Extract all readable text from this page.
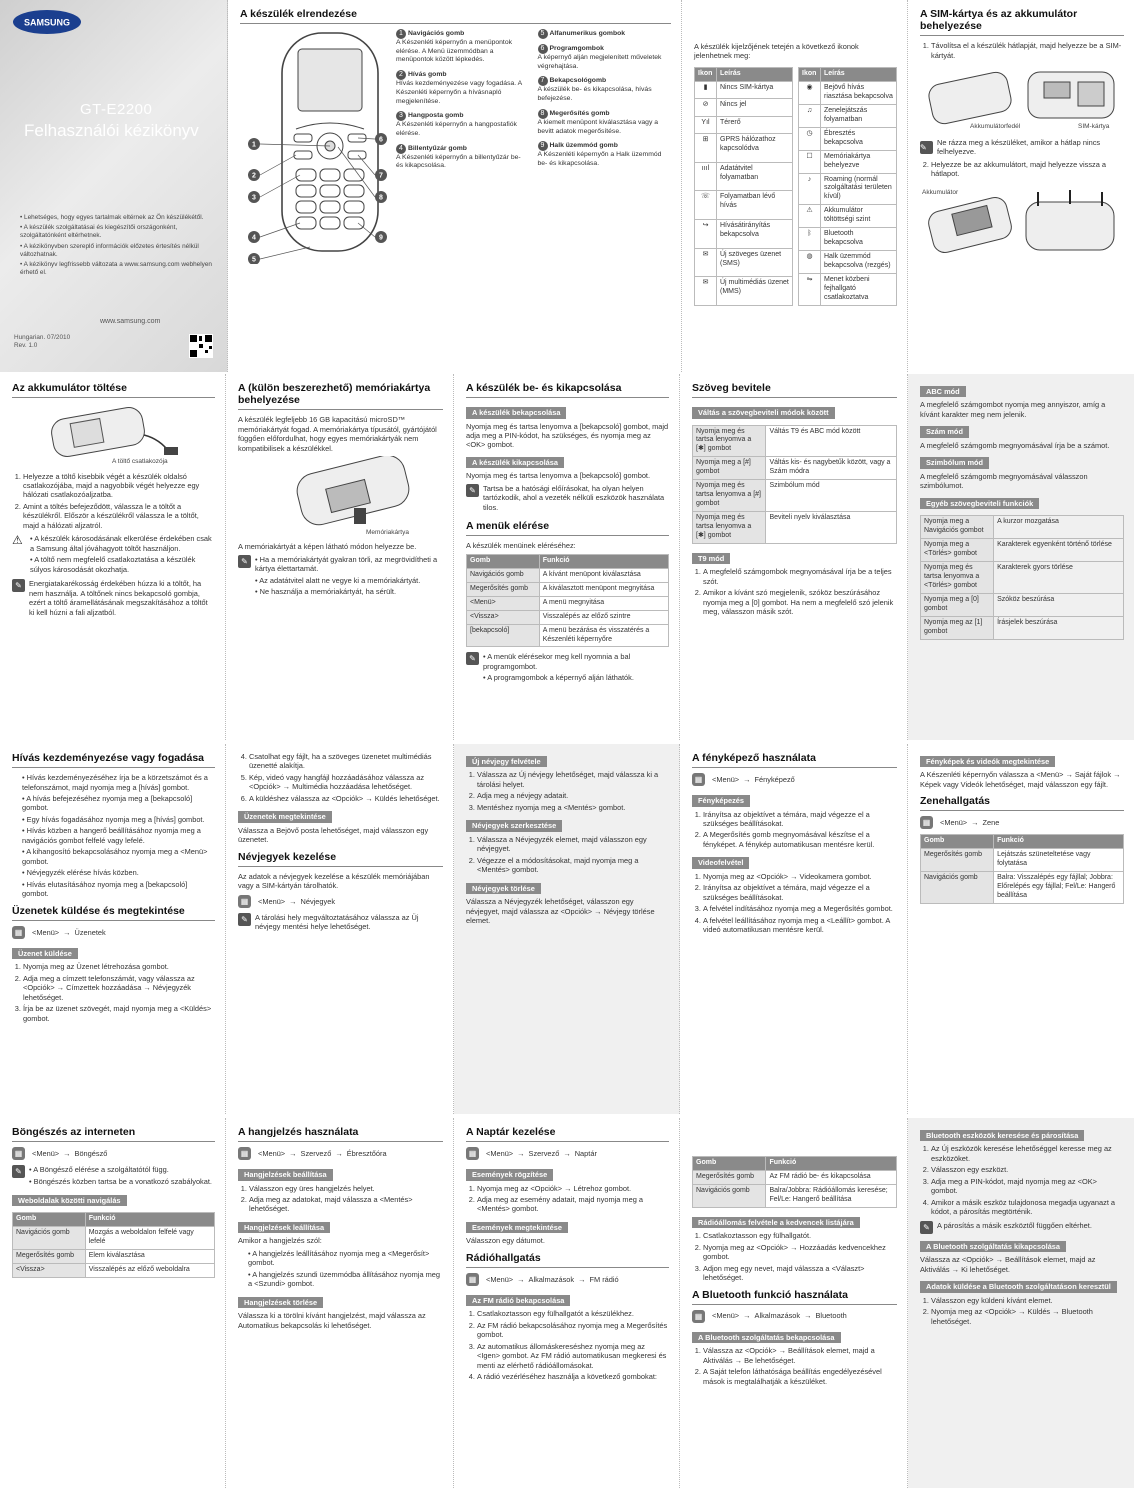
SAMSUNG
GT-E2200
Felhasználói kézikönyv
• Lehetséges, hogy egyes tartalmak eltérnek az Ön készülékétől.
• A készülék szolgáltatásai és kiegészítői országonként, szolgáltatónként eltérhetnek.
• A kézikönyvben szereplő információk előzetes értesítés nélkül változhatnak.
• A kézikönyv legfrissebb változata a www.samsung.com webhelyen érhető el.
www.samsung.com
Hungarian. 07/2010
Rev. 1.0
A készülék elrendezése
1
2
3
4
5
6
7
8
9
1 Navigációs gomb
A Készenléti képernyőn a menüpontok elérése. A Menü üzemmódban a menüpontok között lépkedés.
2 Hívás gomb
Hívás kezdeményezése vagy fogadása. A Készenléti képernyőn a hívásnapló megjelenítése.
3 Hangposta gomb
A Készenléti képernyőn a hangpostafiók elérése.
4 Billentyűzár gomb
A Készenléti képernyőn a billentyűzár be- és kikapcsolása.
5 Alfanumerikus gombok
6 Programgombok
A képernyő alján megjelenített műveletek végrehajtása.
7 Bekapcsológomb
A készülék be- és kikapcsolása, hívás befejezése.
8 Megerősítés gomb
A kiemelt menüpont kiválasztása vagy a bevitt adatok megerősítése.
9 Halk üzemmód gomb
A Készenléti képernyőn a Halk üzemmód be- és kikapcsolása.

A készülék kijelzőjének tetején a következő ikonok jelenhetnek meg:

Ikon	Leírás
▮	Nincs SIM-kártya
⊘	Nincs jel
Yıl	Térerő
⊞	GPRS hálózathoz kapcsolódva
ıııl	Adatátvitel folyamatban
☏	Folyamatban lévő hívás
↪	Hívásátirányítás bekapcsolva
✉	Új szöveges üzenet (SMS)
✉	Új multimédiás üzenet (MMS)
Ikon	Leírás
◉	Bejövő hívás riasztása bekapcsolva
♫	Zenelejátszás folyamatban
◷	Ébresztés bekapcsolva
☐	Memóriakártya behelyezve
♪	Roaming (normál szolgáltatási területen kívül)
⚠	Akkumulátor töltöttségi szint
ᛒ	Bluetooth bekapcsolva
◍	Halk üzemmód bekapcsolva (rezgés)
⇋	Menet közbeni fejhallgató csatlakoztatva
A SIM-kártya és az akkumulátor behelyezése
1. Távolítsa el a készülék hátlapját, majd helyezze be a SIM-kártyát.
Akkumulátorfedél	SIM-kártya
✎
Ne rázza meg a készüléket, amikor a hátlap nincs felhelyezve.
2. Helyezze be az akkumulátort, majd helyezze vissza a hátlapot.
Akkumulátor
Az akkumulátor töltése
A töltő csatlakozója
1. Helyezze a töltő kisebbik végét a készülék oldalsó csatlakozójába, majd a nagyobbik végét helyezze egy hálózati csatlakozóaljzatba.
2. Amint a töltés befejeződött, válassza le a töltőt a készülékről. Először a készülékről válassza le a töltőt, majd a hálózati aljzatról.
⚠	• A készülék károsodásának elkerülése érdekében csak a Samsung által jóváhagyott töltőt használjon.
• A töltő nem megfelelő csatlakoztatása a készülék súlyos károsodását okozhatja.
✎ Energiatakarékosság érdekében húzza ki a töltőt, ha nem használja. A töltőnek nincs bekapcsoló gombja, ezért a töltő áramellátásának megszakításához a töltőt ki kell húzni a fali aljzatból.
A (külön beszerezhető) memóriakártya behelyezése

A készülék legfeljebb 16 GB kapacitású microSD™ memóriakártyát fogad. A memóriakártya típusától, gyártójától függően előfordulhat, hogy egyes memóriakártyák nem kompatibilisek a készülékkel.

Memóriakártya

A memóriakártyát a képen látható módon helyezze be.

✎	• Ha a memóriakártyát gyakran törli, az megrövidítheti a kártya élettartamát.
• Az adatátvitel alatt ne vegye ki a memóriakártyát.
• Ne használja a memóriakártyát, ha sérült.
A készülék be- és kikapcsolása
A készülék bekapcsolása

Nyomja meg és tartsa lenyomva a [bekapcsoló] gombot, majd adja meg a PIN-kódot, ha szükséges, és nyomja meg az <OK> gombot.

A készülék kikapcsolása

Nyomja meg és tartsa lenyomva a [bekapcsoló] gombot.

✎ Tartsa be a hatósági előírásokat, ha olyan helyen tartózkodik, ahol a vezeték nélküli eszközök használata tilos.
A menük elérése

A készülék menüinek eléréséhez:

Gomb	Funkció
Navigációs gomb	A kívánt menüpont kiválasztása
Megerősítés gomb	A kiválasztott menüpont megnyitása
<Menü>	A menü megnyitása
<Vissza>	Visszalépés az előző szintre
[bekapcsoló]	A menü bezárása és visszatérés a Készenléti képernyőre
✎	• A menük elérésekor meg kell nyomnia a bal programgombot.
• A programgombok a képernyő alján láthatók.
Szöveg bevitele
Váltás a szövegbeviteli módok között
Nyomja meg és tartsa lenyomva a [✱] gombot	Váltás T9 és ABC mód között
Nyomja meg a [#] gombot	Váltás kis- és nagybetűk között, vagy a Szám módra
Nyomja meg és tartsa lenyomva a [#] gombot	Szimbólum mód
Nyomja meg és tartsa lenyomva a [✱] gombot	Beviteli nyelv kiválasztása
T9 mód
1. A megfelelő számgombok megnyomásával írja be a teljes szót.
2. Amikor a kívánt szó megjelenik, szóköz beszúrásához nyomja meg a [0] gombot. Ha nem a megfelelő szó jelenik meg, válasszon másik szót.
ABC mód

A megfelelő számgombot nyomja meg annyiszor, amíg a kívánt karakter meg nem jelenik.

Szám mód

A megfelelő számgomb megnyomásával írja be a számot.

Szimbólum mód

A megfelelő számgomb megnyomásával válasszon szimbólumot.

Egyéb szövegbeviteli funkciók
Nyomja meg a Navigációs gombot	A kurzor mozgatása
Nyomja meg a <Törlés> gombot	Karakterek egyenként történő törlése
Nyomja meg és tartsa lenyomva a <Törlés> gombot	Karakterek gyors törlése
Nyomja meg a [0] gombot	Szóköz beszúrása
Nyomja meg az [1] gombot	Írásjelek beszúrása
Hívás kezdeményezése vagy fogadása
• Hívás kezdeményezéséhez írja be a körzetszámot és a telefonszámot, majd nyomja meg a [hívás] gombot.
• A hívás befejezéséhez nyomja meg a [bekapcsoló] gombot.
• Egy hívás fogadásához nyomja meg a [hívás] gombot.
• Hívás közben a hangerő beállításához nyomja meg a navigációs gombot felfelé vagy lefelé.
• A kihangosító bekapcsolásához nyomja meg a <Menü> gombot.
• Névjegyzék elérése hívás közben.
• Hívás elutasításához nyomja meg a [bekapcsoló] gombot.
Üzenetek küldése és megtekintése
▦	<Menü> → Üzenetek
Üzenet küldése
1. Nyomja meg az Üzenet létrehozása gombot.
2. Adja meg a címzett telefonszámát, vagy válassza az <Opciók> → Címzettek hozzáadása → Névjegyzék lehetőséget.
3. Írja be az üzenet szövegét, majd nyomja meg a <Küldés> gombot.
4. Csatolhat egy fájlt, ha a szöveges üzenetet multimédiás üzenetté alakítja.
5. Kép, videó vagy hangfájl hozzáadásához válassza az <Opciók> → Multimédia hozzáadása lehetőséget.
6. A küldéshez válassza az <Opciók> → Küldés lehetőséget.
Üzenetek megtekintése

Válassza a Bejövő posta lehetőséget, majd válasszon egy üzenetet.

Névjegyek kezelése

Az adatok a névjegyek kezelése a készülék memóriájában vagy a SIM-kártyán tárolhatók.

▦	<Menü> → Névjegyek
✎ A tárolási hely megváltoztatásához válassza az Üj névjegy mentési helye lehetőséget.
Új névjegy felvétele
1. Válassza az Új névjegy lehetőséget, majd válassza ki a tárolási helyet.
2. Adja meg a névjegy adatait.
3. Mentéshez nyomja meg a <Mentés> gombot.
Névjegyek szerkesztése
1. Válassza a Névjegyzék elemet, majd válasszon egy névjegyet.
2. Végezze el a módosításokat, majd nyomja meg a <Mentés> gombot.
Névjegyek törlése

Válassza a Névjegyzék lehetőséget, válasszon egy névjegyet, majd válassza az <Opciók> → Névjegy törlése elemet.

A fényképező használata
▦	<Menü> → Fényképező
Fényképezés
1. Irányítsa az objektívet a témára, majd végezze el a szükséges beállításokat.
2. A Megerősítés gomb megnyomásával készítse el a fényképet. A fénykép automatikusan mentésre kerül.
Videofelvétel
1. Nyomja meg az <Opciók> → Videokamera gombot.
2. Irányítsa az objektívet a témára, majd végezze el a szükséges beállításokat.
3. A felvétel indításához nyomja meg a Megerősítés gombot.
4. A felvétel leállításához nyomja meg a <Leállít> gombot. A videó automatikusan mentésre kerül.
Fényképek és videók megtekintése

A Készenléti képernyőn válassza a <Menü> → Saját fájlok → Képek vagy Videók lehetőséget, majd válasszon egy fájlt.

Zenehallgatás
▦	<Menü> → Zene
Gomb	Funkció
Megerősítés gomb	Lejátszás szüneteltetése vagy folytatása
Navigációs gomb	Balra: Visszalépés egy fájllal; Jobbra: Előrelépés egy fájllal; Fel/Le: Hangerő beállítása
Böngészés az interneten
▦	<Menü> → Böngésző
✎	• A Böngésző elérése a szolgáltatótól függ.
• Böngészés közben tartsa be a vonatkozó szabályokat.
Weboldalak közötti navigálás
Gomb	Funkció
Navigációs gomb	Mozgás a weboldalon felfelé vagy lefelé
Megerősítés gomb	Elem kiválasztása
<Vissza>	Visszalépés az előző weboldalra
A hangjelzés használata
▦	<Menü> → Szervező → Ébresztőóra
Hangjelzések beállítása
1. Válasszon egy üres hangjelzés helyet.
2. Adja meg az adatokat, majd válassza a <Mentés> lehetőséget.
Hangjelzések leállítása

Amikor a hangjelzés szól:

• A hangjelzés leállításához nyomja meg a <Megerősít> gombot.
• A hangjelzés szundi üzemmódba állításához nyomja meg a <Szundi> gombot.
Hangjelzések törlése

Válassza ki a törölni kívánt hangjelzést, majd válassza az Automatikus bekapcsolás ki lehetőséget.

A Naptár kezelése
▦	<Menü> → Szervező → Naptár
Események rögzítése
1. Nyomja meg az <Opciók> → Létrehoz gombot.
2. Adja meg az esemény adatait, majd nyomja meg a <Mentés> gombot.
Események megtekintése

Válasszon egy dátumot.

Rádióhallgatás
▦	<Menü> → Alkalmazások → FM rádió
Az FM rádió bekapcsolása
1. Csatlakoztasson egy fülhallgatót a készülékhez.
2. Az FM rádió bekapcsolásához nyomja meg a Megerősítés gombot.
3. Az automatikus állomáskereséshez nyomja meg az <Igen> gombot. Az FM rádió automatikusan megkeresi és menti az elérhető rádióállomásokat.
4. A rádió vezérléséhez használja a következő gombokat:
Gomb	Funkció
Megerősítés gomb	Az FM rádió be- és kikapcsolása
Navigációs gomb	Balra/Jobbra: Rádióállomás keresése; Fel/Le: Hangerő beállítása
Rádióállomás felvétele a kedvencek listájára
1. Csatlakoztasson egy fülhallgatót.
2. Nyomja meg az <Opciók> → Hozzáadás kedvencekhez gombot.
3. Adjon meg egy nevet, majd válassza a <Választ> lehetőséget.
A Bluetooth funkció használata
▦	<Menü> → Alkalmazások → Bluetooth
A Bluetooth szolgáltatás bekapcsolása
1. Válassza az <Opciók> → Beállítások elemet, majd a Aktiválás → Be lehetőséget.
2. A Saját telefon láthatósága beállítás engedélyezésével mások is megtalálhatják a készüléket.
Bluetooth eszközök keresése és párosítása
1. Az Új eszközök keresése lehetőséggel keresse meg az eszközöket.
2. Válasszon egy eszközt.
3. Adja meg a PIN-kódot, majd nyomja meg az <OK> gombot.
4. Amikor a másik eszköz tulajdonosa megadja ugyanazt a kódot, a párosítás megtörténik.
✎ A párosítás a másik eszköztől függően eltérhet.
A Bluetooth szolgáltatás kikapcsolása

Válassza az <Opciók> → Beállítások elemet, majd az Aktiválás → Ki lehetőséget.

Adatok küldése a Bluetooth szolgáltatáson keresztül
1. Válasszon egy küldeni kívánt elemet.
2. Nyomja meg az <Opciók> → Küldés → Bluetooth lehetőséget.
